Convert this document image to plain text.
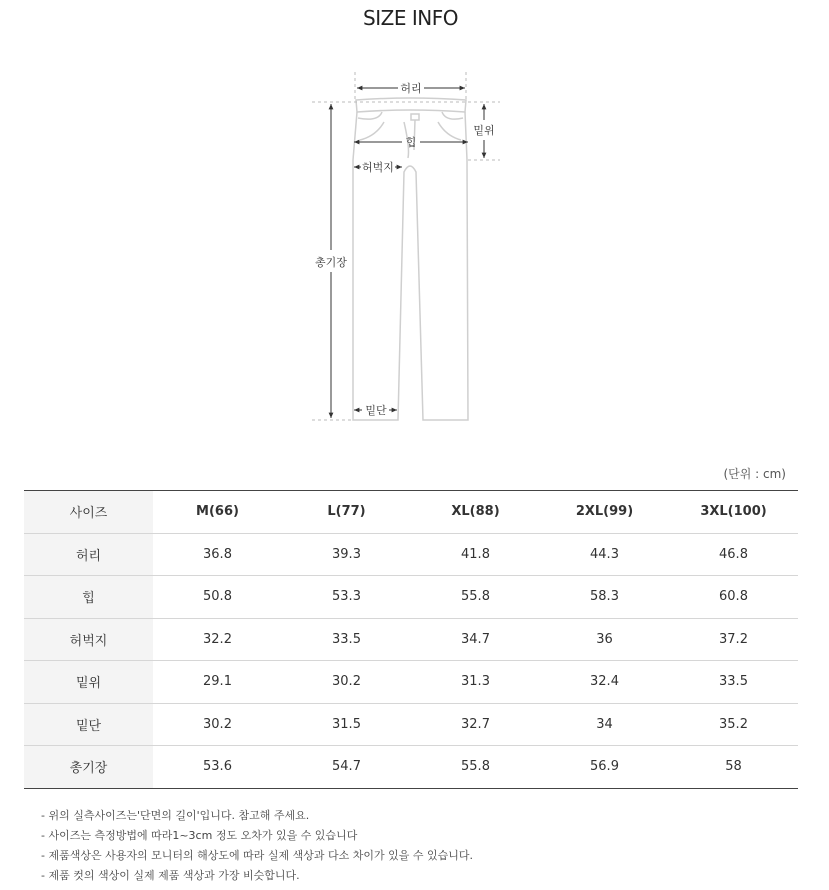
SIZE INFO
허리
힙
허벅지
밑위
총기장
밑단
(단위 : cm)
사이즈	M(66)	L(77)	XL(88)	2XL(99)	3XL(100)
허리	36.8	39.3	41.8	44.3	46.8
힙	50.8	53.3	55.8	58.3	60.8
허벅지	32.2	33.5	34.7	36	37.2
밑위	29.1	30.2	31.3	32.4	33.5
밑단	30.2	31.5	32.7	34	35.2
총기장	53.6	54.7	55.8	56.9	58
- 위의 실측사이즈는'단면의 길이'입니다. 참고해 주세요.
- 사이즈는 측정방법에 따라1~3cm 정도 오차가 있을 수 있습니다
- 제품색상은 사용자의 모니터의 해상도에 따라 실제 색상과 다소 차이가 있을 수 있습니다.
- 제품 컷의 색상이 실제 제품 색상과 가장 비슷합니다.
